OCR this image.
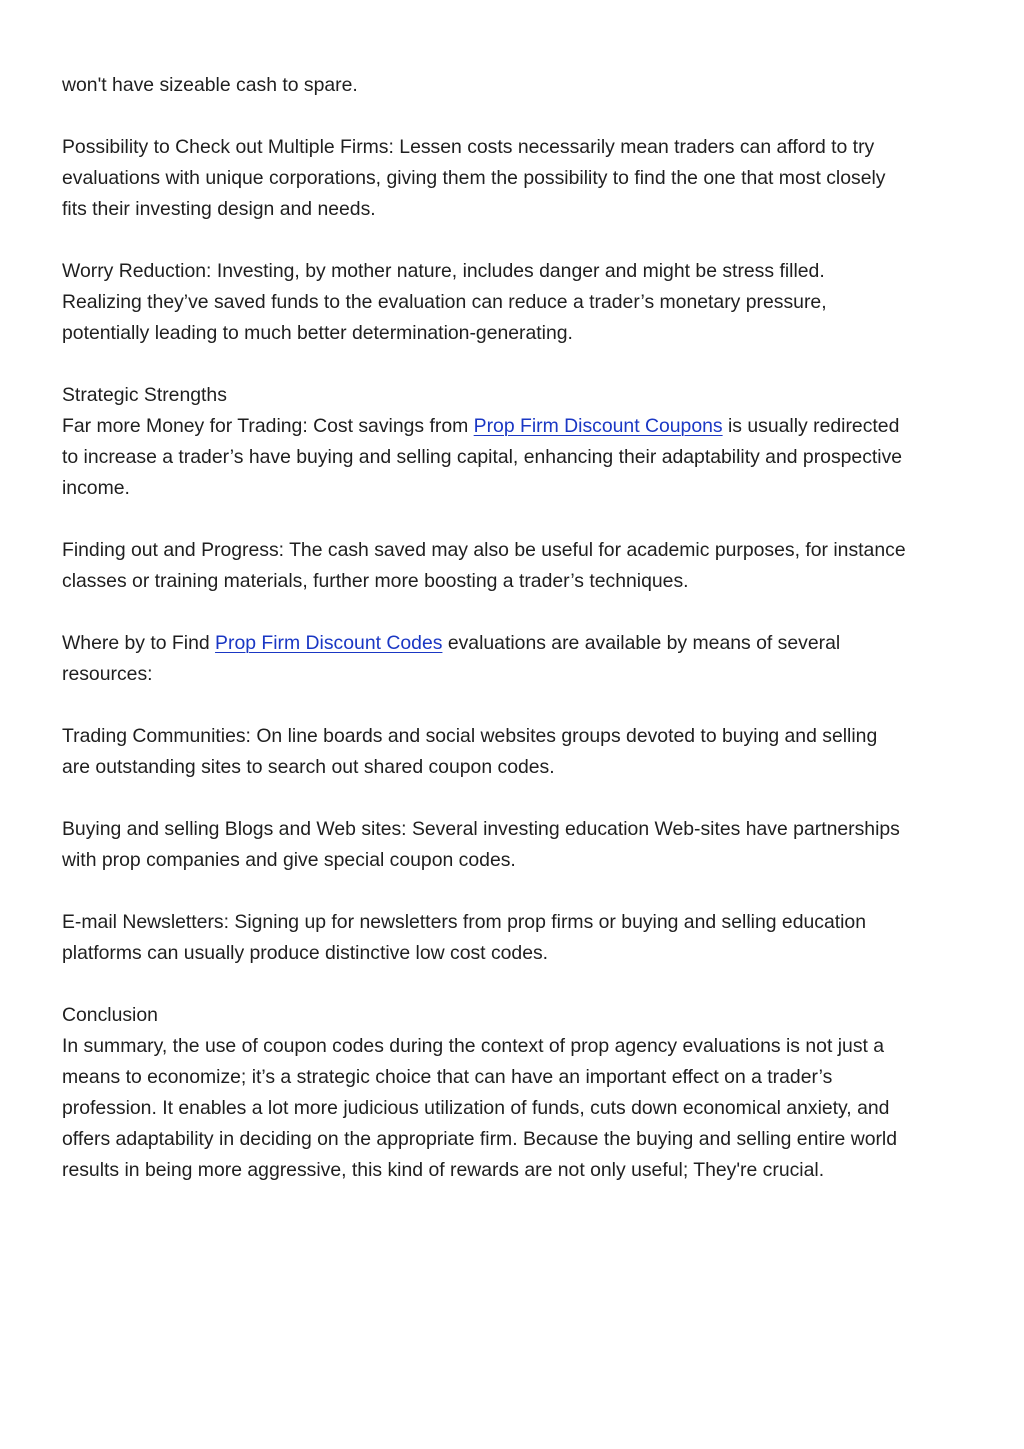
won't have sizeable cash to spare.

Possibility to Check out Multiple Firms: Lessen costs necessarily mean traders can afford to try
evaluations with unique corporations, giving them the possibility to find the one that most closely
fits their investing design and needs.

Worry Reduction: Investing, by mother nature, includes danger and might be stress filled.
Realizing they’ve saved funds to the evaluation can reduce a trader’s monetary pressure,
potentially leading to much better determination-generating.

Strategic Strengths
Far more Money for Trading: Cost savings from Prop Firm Discount Coupons is usually redirected
to increase a trader’s have buying and selling capital, enhancing their adaptability and prospective
income.

Finding out and Progress: The cash saved may also be useful for academic purposes, for instance
classes or training materials, further more boosting a trader’s techniques.

Where by to Find Prop Firm Discount Codes evaluations are available by means of several
resources:

Trading Communities: On line boards and social websites groups devoted to buying and selling
are outstanding sites to search out shared coupon codes.

Buying and selling Blogs and Web sites: Several investing education Web-sites have partnerships
with prop companies and give special coupon codes.

E-mail Newsletters: Signing up for newsletters from prop firms or buying and selling education
platforms can usually produce distinctive low cost codes.

Conclusion
In summary, the use of coupon codes during the context of prop agency evaluations is not just a
means to economize; it’s a strategic choice that can have an important effect on a trader’s
profession. It enables a lot more judicious utilization of funds, cuts down economical anxiety, and
offers adaptability in deciding on the appropriate firm. Because the buying and selling entire world
results in being more aggressive, this kind of rewards are not only useful; They're crucial.
